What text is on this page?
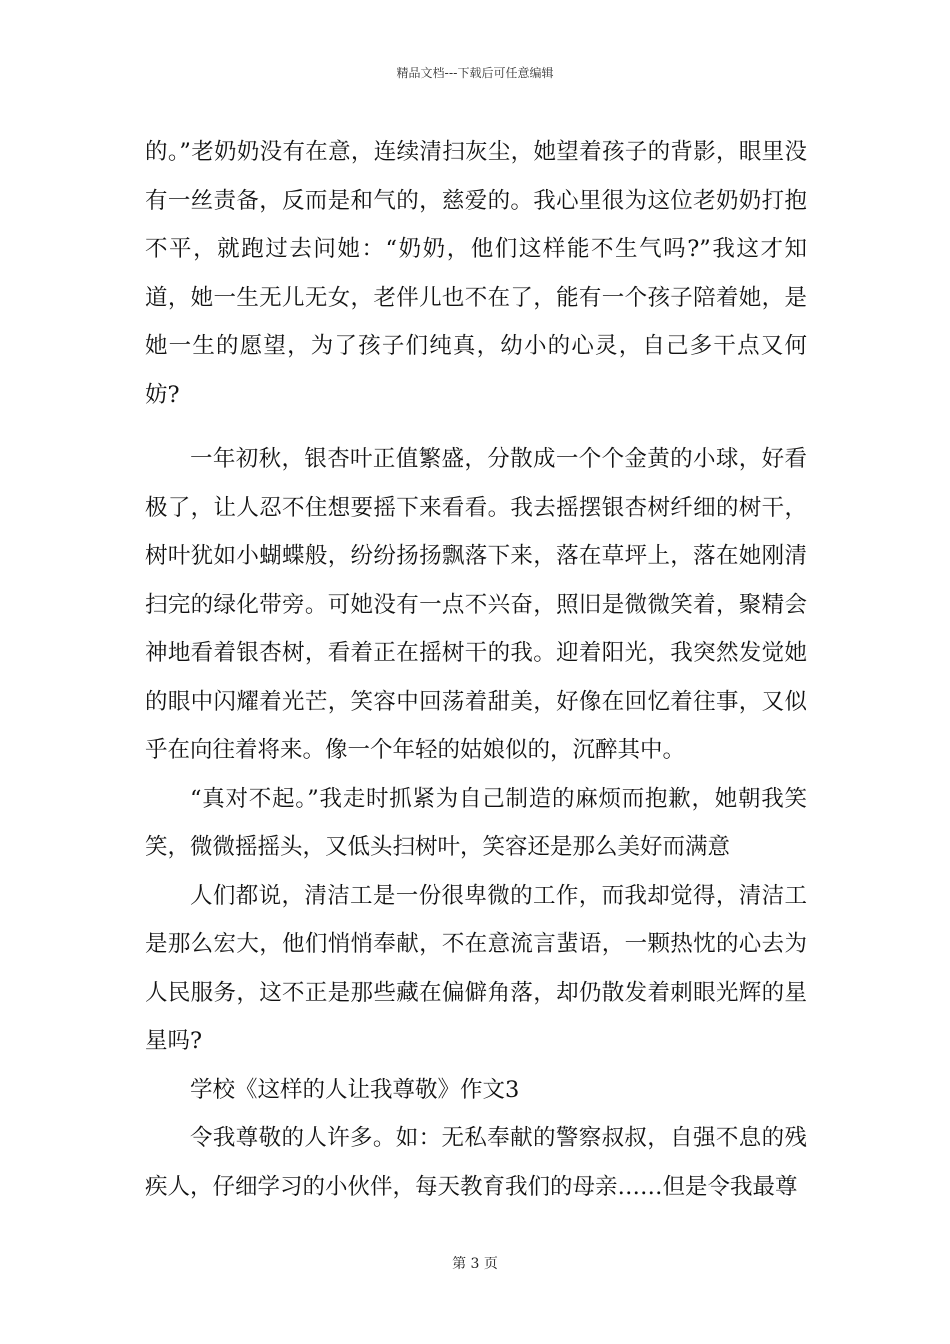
精品文档---下载后可任意编辑

的。”老奶奶没有在意，连续清扫灰尘，她望着孩子的背影，眼里没有一丝责备，反而是和气的，慈爱的。我心里很为这位老奶奶打抱不平，就跑过去问她：“奶奶，他们这样能不生气吗?”我这才知道，她一生无儿无女，老伴儿也不在了，能有一个孩子陪着她，是她一生的愿望，为了孩子们纯真，幼小的心灵，自己多干点又何妨?

一年初秋，银杏叶正值繁盛，分散成一个个金黄的小球，好看极了，让人忍不住想要摇下来看看。我去摇摆银杏树纤细的树干，树叶犹如小蝴蝶般，纷纷扬扬飘落下来，落在草坪上，落在她刚清扫完的绿化带旁。可她没有一点不兴奋，照旧是微微笑着，聚精会神地看着银杏树，看着正在摇树干的我。迎着阳光，我突然发觉她的眼中闪耀着光芒，笑容中回荡着甜美，好像在回忆着往事，又似乎在向往着将来。像一个年轻的姑娘似的，沉醉其中。

“真对不起。”我走时抓紧为自己制造的麻烦而抱歉，她朝我笑笑，微微摇摇头，又低头扫树叶，笑容还是那么美好而满意

人们都说，清洁工是一份很卑微的工作，而我却觉得，清洁工是那么宏大，他们悄悄奉献，不在意流言蜚语，一颗热忱的心去为人民服务，这不正是那些藏在偏僻角落，却仍散发着刺眼光辉的星星吗?

学校《这样的人让我尊敬》作文3

令我尊敬的人许多。如：无私奉献的警察叔叔，自强不息的残疾人，仔细学习的小伙伴，每天教育我们的母亲……但是令我最尊

第 3 页
